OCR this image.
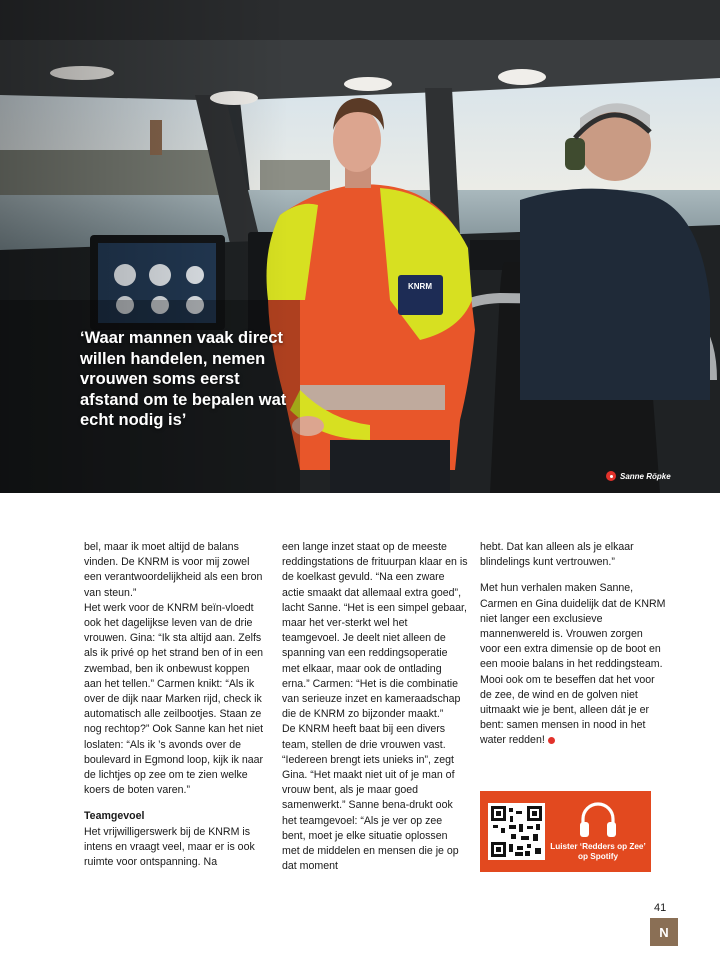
‘Waar mannen vaak direct willen handelen, nemen vrouwen soms eerst afstand om te bepalen wat echt nodig is’
Sanne Röpke

bel, maar ik moet altijd de balans vinden. De KNRM is voor mij zowel een verantwoordelijkheid als een bron van steun.”

Het werk voor de KNRM beïn-vloedt ook het dagelijkse leven van de drie vrouwen. Gina: “Ik sta altijd aan. Zelfs als ik privé op het strand ben of in een zwembad, ben ik onbewust koppen aan het tellen.” Carmen knikt: “Als ik over de dijk naar Marken rijd, check ik automatisch alle zeilbootjes. Staan ze nog rechtop?” Ook Sanne kan het niet loslaten: “Als ik ’s avonds over de boulevard in Egmond loop, kijk ik naar de lichtjes op zee om te zien welke koers de boten varen.”

Teamgevoel

Het vrijwilligerswerk bij de KNRM is intens en vraagt veel, maar er is ook ruimte voor ontspanning. Na

een lange inzet staat op de meeste reddingstations de frituurpan klaar en is de koelkast gevuld. “Na een zware actie smaakt dat allemaal extra goed”, lacht Sanne. “Het is een simpel gebaar, maar het ver-sterkt wel het teamgevoel. Je deelt niet alleen de spanning van een reddingsoperatie met elkaar, maar ook de ontlading erna.” Carmen: “Het is die combinatie van serieuze inzet en kameraadschap die de KNRM zo bijzonder maakt.”

De KNRM heeft baat bij een divers team, stellen de drie vrouwen vast. “Iedereen brengt iets unieks in”, zegt Gina. “Het maakt niet uit of je man of vrouw bent, als je maar goed samenwerkt.” Sanne bena-drukt ook het teamgevoel: “Als je ver op zee bent, moet je elke situatie oplossen met de middelen en mensen die je op dat moment

hebt. Dat kan alleen als je elkaar blindelings kunt vertrouwen.”

Met hun verhalen maken Sanne, Carmen en Gina duidelijk dat de KNRM niet langer een exclusieve mannenwereld is. Vrouwen zorgen voor een extra dimensie op de boot en een mooie balans in het reddingsteam. Mooi ook om te beseffen dat het voor de zee, de wind en de golven niet uitmaakt wie je bent, alleen dát je er bent: samen mensen in nood in het water redden!

Luister ‘Redders op Zee’ op Spotify
41
N
